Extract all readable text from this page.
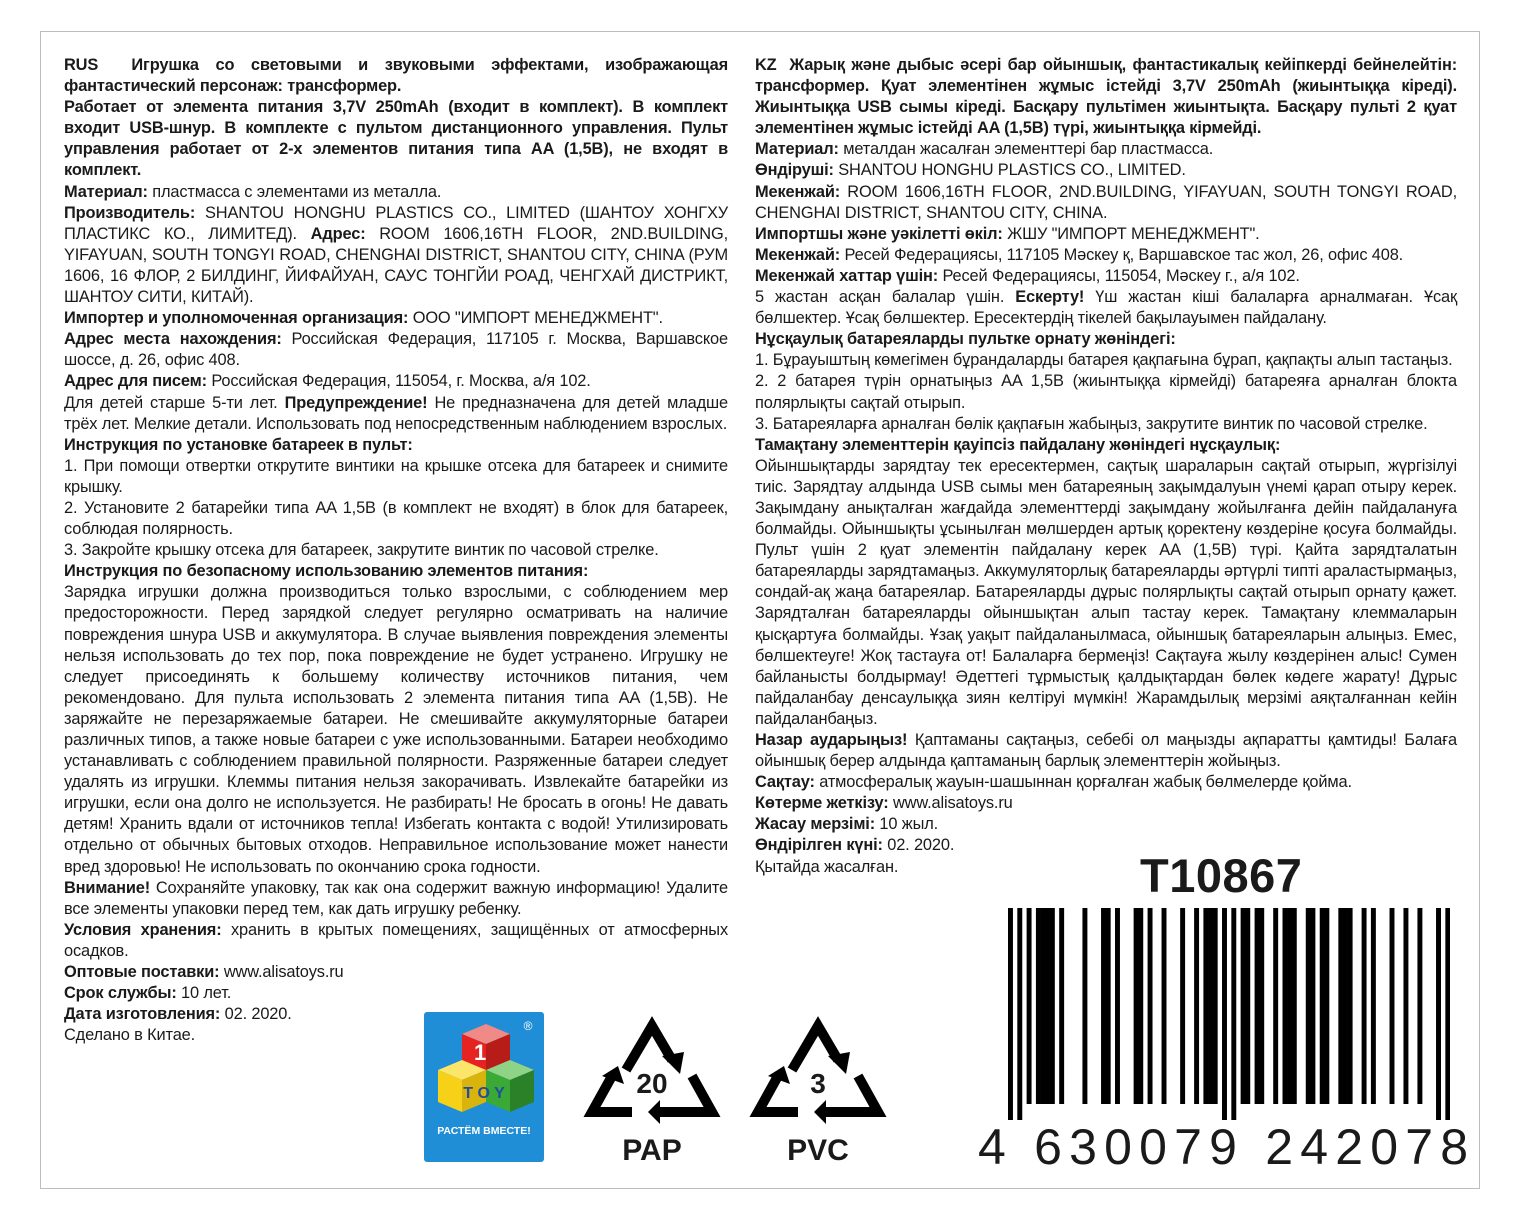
RUS Игрушка со световыми и звуковыми эффектами, изображающая фантастический персонаж: трансформер.

Работает от элемента питания 3,7V 250mAh (входит в комплект). В комплект входит USB-шнур. В комплекте с пультом дистанционного управления. Пульт управления работает от 2-х элементов питания типа AA (1,5В), не входят в комплект.

Материал: пластмасса с элементами из металла.

Производитель: SHANTOU HONGHU PLASTICS CO., LIMITED (ШАНТОУ ХОНГХУ ПЛАСТИКС КО., ЛИМИТЕД). Адрес: ROOM 1606,16TH FLOOR, 2ND.BUILDING, YIFAYUAN, SOUTH TONGYI ROAD, CHENGHAI DISTRICT, SHANTOU CITY, CHINA (РУМ 1606, 16 ФЛОР, 2 БИЛДИНГ, ЙИФАЙУАН, САУС ТОНГЙИ РОАД, ЧЕНГХАЙ ДИСТРИКТ, ШАНТОУ СИТИ, КИТАЙ).

Импортер и уполномоченная организация: ООО "ИМПОРТ МЕНЕДЖМЕНТ".

Адрес места нахождения: Российская Федерация, 117105 г. Москва, Варшавское шоссе, д. 26, офис 408.

Адрес для писем: Российская Федерация, 115054, г. Москва, а/я 102.

Для детей старше 5-ти лет. Предупреждение! Не предназначена для детей младше трёх лет. Мелкие детали. Использовать под непосредственным наблюдением взрослых.

Инструкция по установке батареек в пульт:

1. При помощи отвертки открутите винтики на крышке отсека для батареек и снимите крышку.

2. Установите 2 батарейки типа AA 1,5В (в комплект не входят) в блок для батареек, соблюдая полярность.

3. Закройте крышку отсека для батареек, закрутите винтик по часовой стрелке.

Инструкция по безопасному использованию элементов питания:

Зарядка игрушки должна производиться только взрослыми, с соблюдением мер предосторожности. Перед зарядкой следует регулярно осматривать на наличие повреждения шнура USB и аккумулятора. В случае выявления повреждения элементы нельзя использовать до тех пор, пока повреждение не будет устранено. Игрушку не следует присоединять к большему количеству источников питания, чем рекомендовано. Для пульта использовать 2 элемента питания типа AA (1,5В). Не заряжайте не перезаряжаемые батареи. Не смешивайте аккумуляторные батареи различных типов, а также новые батареи с уже использованными. Батареи необходимо устанавливать с соблюдением правильной полярности. Разряженные батареи следует удалять из игрушки. Клеммы питания нельзя закорачивать. Извлекайте батарейки из игрушки, если она долго не используется. Не разбирать! Не бросать в огонь! Не давать детям! Хранить вдали от источников тепла! Избегать контакта с водой! Утилизировать отдельно от обычных бытовых отходов. Неправильное использование может нанести вред здоровью! Не использовать по окончанию срока годности.

Внимание! Сохраняйте упаковку, так как она содержит важную информацию! Удалите все элементы упаковки перед тем, как дать игрушку ребенку.

Условия хранения: хранить в крытых помещениях, защищённых от атмосферных осадков.

Оптовые поставки: www.alisatoys.ru

Срок службы: 10 лет.

Дата изготовления: 02. 2020.

Сделано в Китае.

KZ Жарық және дыбыс әсері бар ойыншық, фантастикалық кейіпкерді бейнелейтін: трансформер. Қуат элементінен жұмыс істейді 3,7V 250mAh (жиынтыққа кіреді). Жиынтыққа USB сымы кіреді. Басқару пультімен жиынтықта. Басқару пульті 2 қуат элементінен жұмыс істейді AA (1,5В) түрі, жиынтыққа кірмейді.

Материал: металдан жасалған элементтері бар пластмасса.

Өндіруші: SHANTOU HONGHU PLASTICS CO., LIMITED.

Мекенжай: ROOM 1606,16TH FLOOR, 2ND.BUILDING, YIFAYUAN, SOUTH TONGYI ROAD, CHENGHAI DISTRICT, SHANTOU CITY, CHINA.

Импортшы және уәкілетті өкіл: ЖШУ "ИМПОРТ МЕНЕДЖМЕНТ".

Мекенжай: Ресей Федерациясы, 117105 Мәскеу қ, Варшавское тас жол, 26, офис 408.

Мекенжай хаттар үшін: Ресей Федерациясы, 115054, Мәскеу г., а/я 102.

5 жастан асқан балалар үшін. Ескерту! Үш жастан кіші балаларға арналмаған. Ұсақ бөлшектер. Ұсақ бөлшектер. Ересектердің тікелей бақылауымен пайдалану.

Нұсқаулық батареяларды пультке орнату жөніндегі:

1. Бұрауыштың көмегімен бұрандаларды батарея қақпағына бұрап, қақпақты алып тастаңыз.

2. 2 батарея түрін орнатыңыз AA 1,5В (жиынтыққа кірмейді) батареяға арналған блокта полярлықты сақтай отырып.

3. Батареяларға арналған бөлік қақпағын жабыңыз, закрутите винтик по часовой стрелке.

Тамақтану элементтерін қауіпсіз пайдалану жөніндегі нұсқаулық:

Ойыншықтарды зарядтау тек ересектермен, сақтық шараларын сақтай отырып, жүргізілуі тиіс. Зарядтау алдында USB сымы мен батареяның зақымдалуын үнемі қарап отыру керек. Зақымдану анықталған жағдайда элементтерді зақымдану жойылғанға дейін пайдалануға болмайды. Ойыншықты ұсынылған мөлшерден артық қоректену көздеріне қосуға болмайды. Пульт үшін 2 қуат элементін пайдалану керек AA (1,5В) түрі. Қайта зарядталатын батареяларды зарядтамаңыз. Аккумуляторлық батареяларды әртүрлі типті араластырмаңыз, сондай-ақ жаңа батареялар. Батареяларды дұрыс полярлықты сақтай отырып орнату қажет. Зарядталған батареяларды ойыншықтан алып тастау керек. Тамақтану клеммаларын қысқартуға болмайды. Ұзақ уақыт пайдаланылмаса, ойыншық батареяларын алыңыз. Емес, бөлшектеуге! Жоқ тастауға от! Балаларға бермеңіз! Сақтауға жылу көздерінен алыс! Сумен байланысты болдырмау! Әдеттегі тұрмыстық қалдықтардан бөлек көдеге жарату! Дұрыс пайдаланбау денсаулыққа зиян келтіруі мүмкін! Жарамдылық мерзімі аяқталғаннан кейін пайдаланбаңыз.

Назар аударыңыз! Қаптаманы сақтаңыз, себебі ол маңызды ақпаратты қамтиды! Балаға ойыншық берер алдында қаптаманың барлық элементтерін жойыңыз.

Сақтау: атмосфералық жауын-шашыннан қорғалған жабық бөлмелерде қойма.

Көтерме жеткізу: www.alisatoys.ru

Жасау мерзімі: 10 жыл.

Өндірілген күні: 02. 2020.

Қытайда жасалған.	T10867
4 630079 242078
1
T O Y
РАСТЁМ ВМЕСТЕ!
®
20
PAP
3
PVC
